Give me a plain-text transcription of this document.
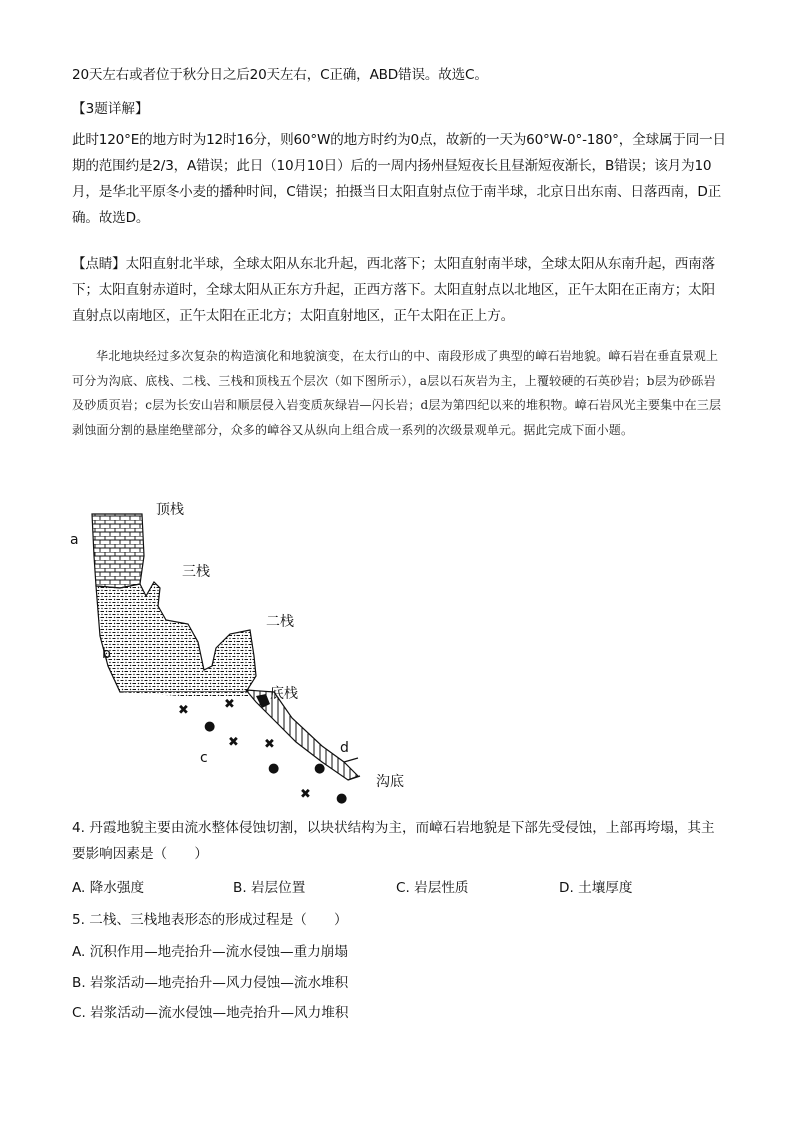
20天左右或者位于秋分日之后20天左右，C正确，ABD错误。故选C。

【3题详解】

此时120°E的地方时为12时16分，则60°W的地方时约为0点，故新的一天为60°W-0°-180°，全球属于同一日期的范围约是2/3，A错误；此日（10月10日）后的一周内扬州昼短夜长且昼渐短夜渐长，B错误；该月为10月，是华北平原冬小麦的播种时间，C错误；拍摄当日太阳直射点位于南半球，北京日出东南、日落西南，D正确。故选D。

【点睛】太阳直射北半球，全球太阳从东北升起，西北落下；太阳直射南半球，全球太阳从东南升起，西南落下；太阳直射赤道时，全球太阳从正东方升起，正西方落下。太阳直射点以北地区，正午太阳在正南方；太阳直射点以南地区，正午太阳在正北方；太阳直射地区，正午太阳在正上方。

华北地块经过多次复杂的构造演化和地貌演变，在太行山的中、南段形成了典型的嶂石岩地貌。嶂石岩在垂直景观上可分为沟底、底栈、二栈、三栈和顶栈五个层次（如下图所示），a层以石灰岩为主，上覆较硬的石英砂岩；b层为砂砾岩及砂质页岩；c层为长安山岩和顺层侵入岩变质灰绿岩—闪长岩；d层为第四纪以来的堆积物。嶂石岩风光主要集中在三层剥蚀面分割的悬崖绝壁部分，众多的嶂谷又从纵向上组合成一系列的次级景观单元。据此完成下面小题。

✖	✖
●
✖ ✖
●	●
✖ ●
顶栈
a
三栈
二栈
b
底栈
d
c
沟底

4. 丹霞地貌主要由流水整体侵蚀切割，以块状结构为主，而嶂石岩地貌是下部先受侵蚀，上部再垮塌，其主要影响因素是（　　）

A. 降水强度	B. 岩层位置	C. 岩层性质	D. 土壤厚度

5. 二栈、三栈地表形态的形成过程是（　　）

A. 沉积作用—地壳抬升—流水侵蚀—重力崩塌

B. 岩浆活动—地壳抬升—风力侵蚀—流水堆积

C. 岩浆活动—流水侵蚀—地壳抬升—风力堆积
